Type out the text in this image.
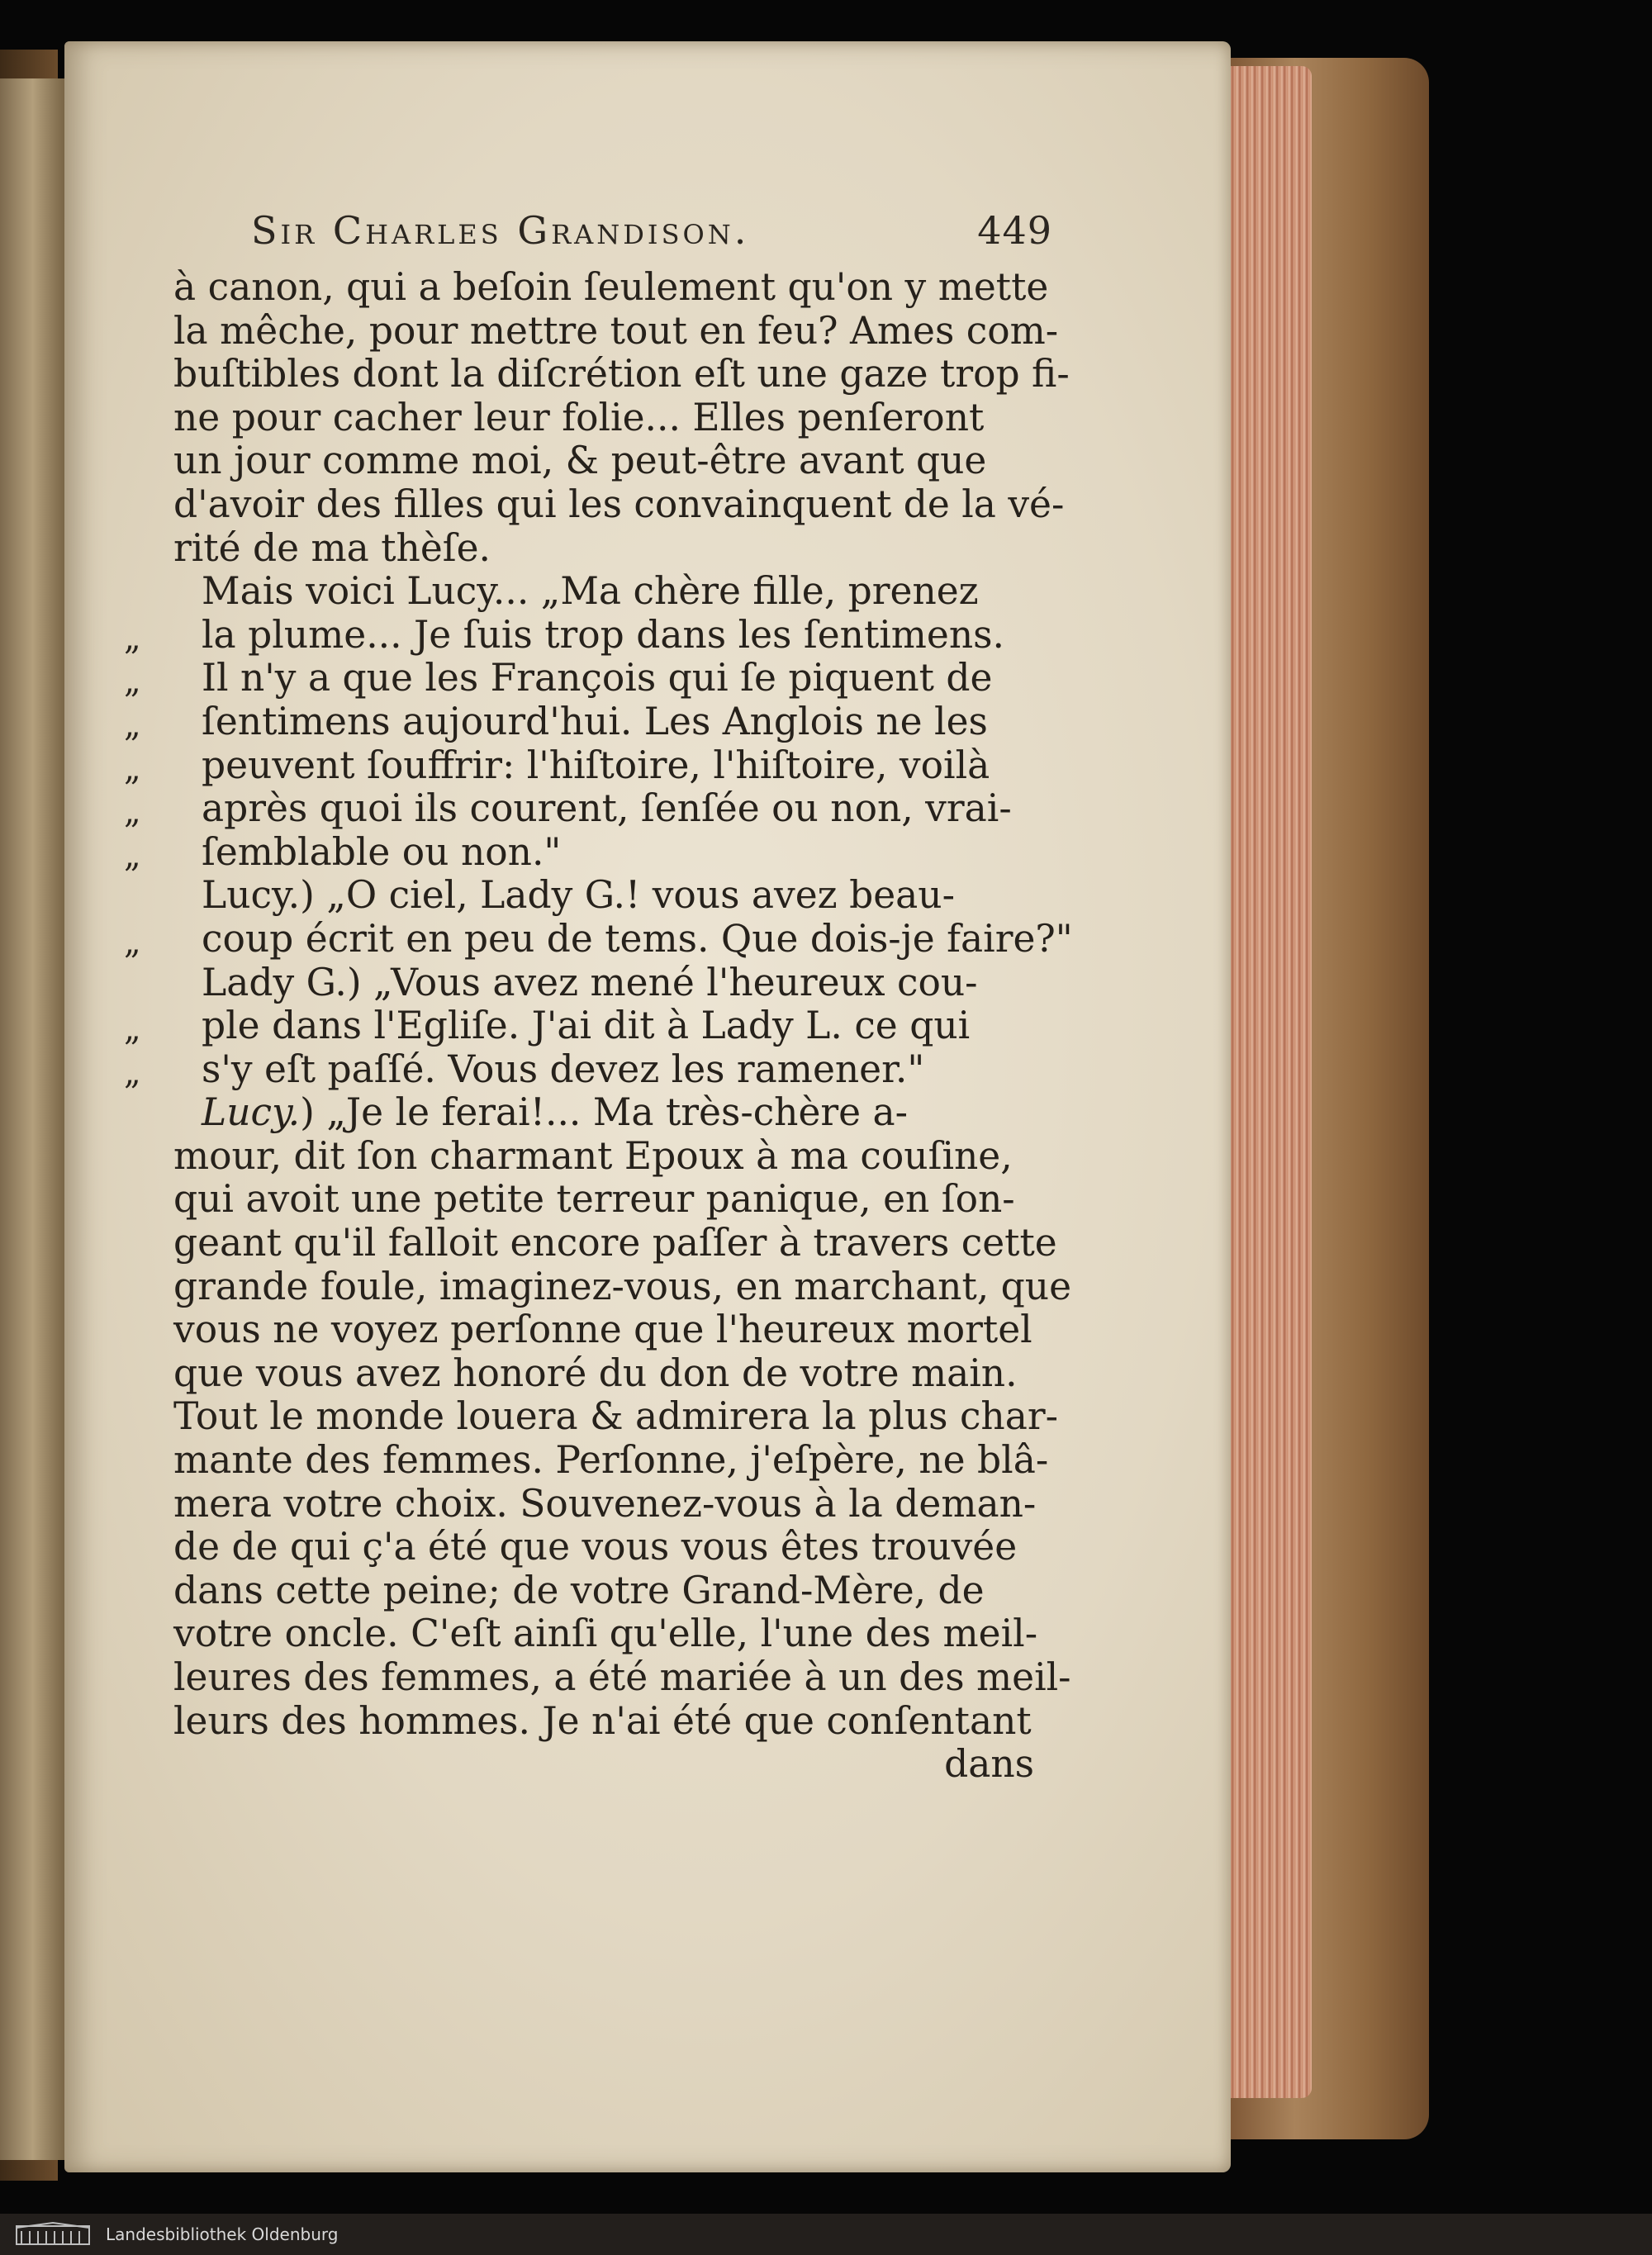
Sir Charles Grandison.	449
à canon, qui a beſoin ſeulement qu'on y mette
la mêche, pour mettre tout en feu? Ames com-
buſtibles dont la diſcrétion eſt une gaze trop fi-
ne pour cacher leur folie... Elles penſeront
un jour comme moi, & peut-être avant que
d'avoir des filles qui les convainquent de la vé-
rité de ma thèſe.
Mais voici Lucy... „Ma chère fille, prenez
„ la plume... Je ſuis trop dans les ſentimens.
„ Il n'y a que les François qui ſe piquent de
„ ſentimens aujourd'hui. Les Anglois ne les
„ peuvent ſouffrir: l'hiſtoire, l'hiſtoire, voilà
„ après quoi ils courent, ſenſée ou non, vrai-
„ ſemblable ou non."
Lucy.) „O ciel, Lady G.! vous avez beau-
„ coup écrit en peu de tems. Que dois-je faire?"
Lady G.) „Vous avez mené l'heureux cou-
„ ple dans l'Egliſe. J'ai dit à Lady L. ce qui
„ s'y eſt paſſé. Vous devez les ramener."
Lucy.) „Je le ferai!... Ma très-chère a-
mour, dit ſon charmant Epoux à ma couſine,
qui avoit une petite terreur panique, en ſon-
geant qu'il falloit encore paſſer à travers cette
grande foule, imaginez-vous, en marchant, que
vous ne voyez perſonne que l'heureux mortel
que vous avez honoré du don de votre main.
Tout le monde louera & admirera la plus char-
mante des femmes. Perſonne, j'eſpère, ne blâ-
mera votre choix. Souvenez-vous à la deman-
de de qui ç'a été que vous vous êtes trouvée
dans cette peine; de votre Grand-Mère, de
votre oncle. C'eſt ainſi qu'elle, l'une des meil-
leures des femmes, a été mariée à un des meil-
leurs des hommes. Je n'ai été que conſentant
dans
Landesbibliothek Oldenburg
